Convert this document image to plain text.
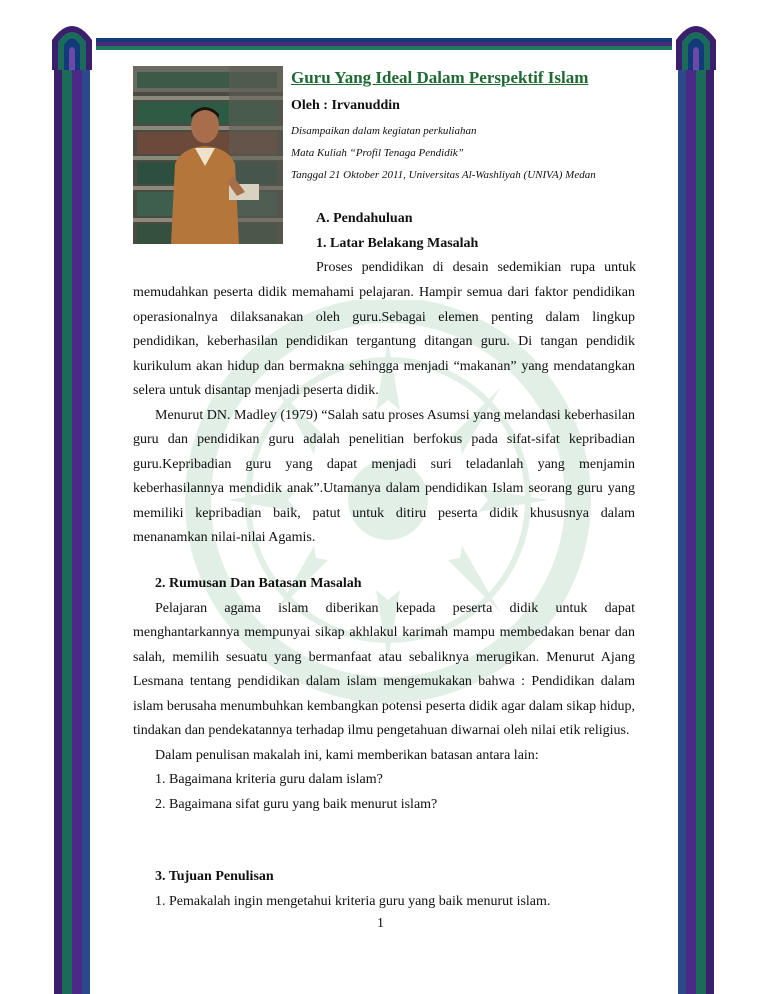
Guru Yang Ideal Dalam Perspektif Islam

Oleh : Irvanuddin

Disampaikan dalam kegiatan perkuliahan

Mata Kuliah “Profil Tenaga Pendidik”

Tanggal 21 Oktober 2011, Universitas Al-Washliyah (UNIVA) Medan

A. Pendahuluan

1. Latar Belakang Masalah

Proses pendidikan di desain sedemikian rupa untuk

memudahkan peserta didik memahami pelajaran. Hampir semua dari faktor pendidikan operasionalnya dilaksanakan oleh guru.Sebagai elemen penting dalam lingkup pendidikan, keberhasilan pendidikan tergantung ditangan guru. Di tangan pendidik kurikulum akan hidup dan bermakna sehingga menjadi “makanan” yang mendatangkan selera untuk disantap menjadi peserta didik.

Menurut DN. Madley (1979) “Salah satu proses Asumsi yang melandasi keberhasilan guru dan pendidikan guru adalah penelitian berfokus pada sifat-sifat kepribadian guru.Kepribadian guru yang dapat menjadi suri teladanlah yang menjamin keberhasilannya mendidik anak”.Utamanya dalam pendidikan Islam seorang guru yang memiliki kepribadian baik, patut untuk ditiru peserta didik khususnya dalam menanamkan nilai-nilai Agamis.

2. Rumusan Dan Batasan Masalah

Pelajaran agama islam diberikan kepada peserta didik untuk dapat menghantarkannya mempunyai sikap akhlakul karimah mampu membedakan benar dan salah, memilih sesuatu yang bermanfaat atau sebaliknya merugikan. Menurut Ajang Lesmana tentang pendidikan dalam islam mengemukakan bahwa : Pendidikan dalam islam berusaha menumbuhkan kembangkan potensi peserta didik agar dalam sikap hidup, tindakan dan pendekatannya terhadap ilmu pengetahuan diwarnai oleh nilai etik religius.

Dalam penulisan makalah ini, kami memberikan batasan antara lain:

1. Bagaimana kriteria guru dalam islam?

2. Bagaimana sifat guru yang baik menurut islam?

3. Tujuan Penulisan

1. Pemakalah ingin mengetahui kriteria guru yang baik menurut islam.

1
